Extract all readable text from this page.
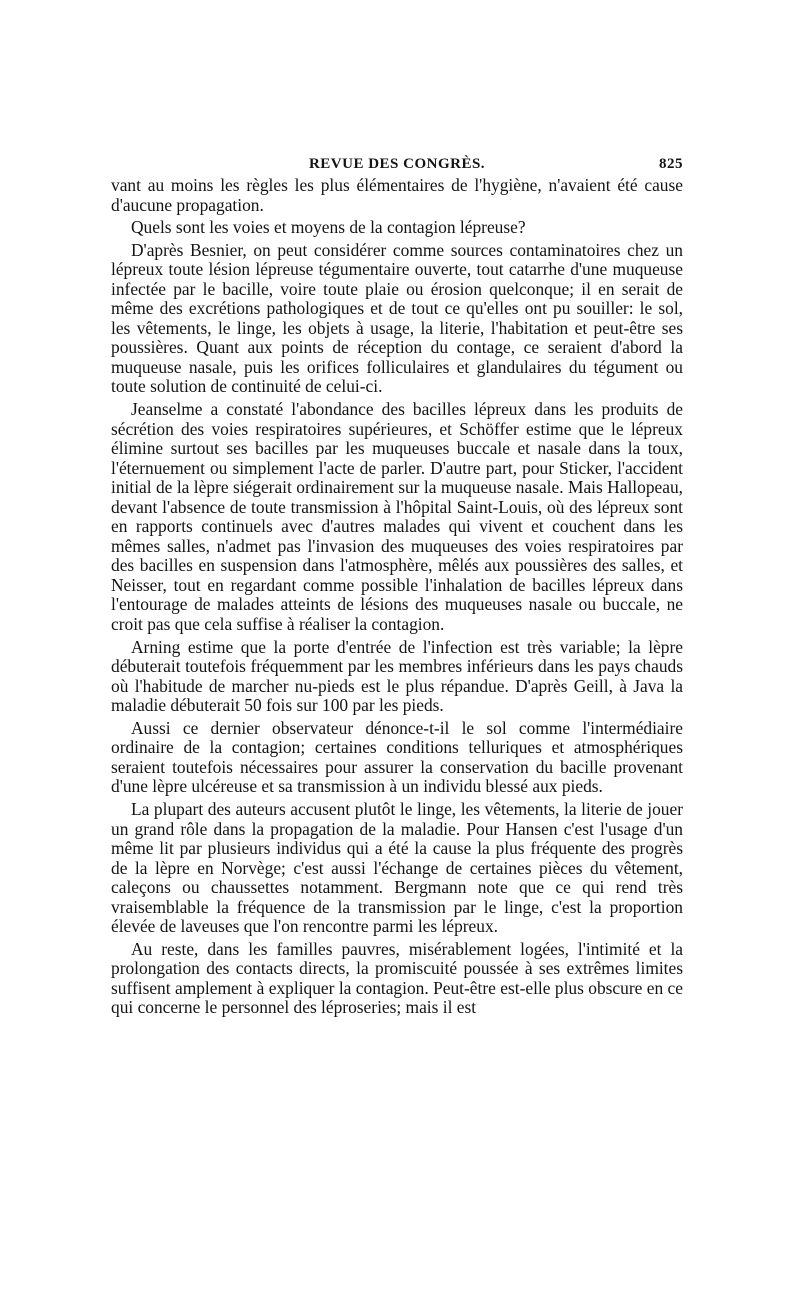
REVUE DES CONGRÈS.	825

vant au moins les règles les plus élémentaires de l'hygiène, n'avaient été cause d'aucune propagation.

Quels sont les voies et moyens de la contagion lépreuse?

D'après Besnier, on peut considérer comme sources contaminatoires chez un lépreux toute lésion lépreuse tégumentaire ouverte, tout catarrhe d'une muqueuse infectée par le bacille, voire toute plaie ou érosion quelconque; il en serait de même des excrétions pathologiques et de tout ce qu'elles ont pu souiller: le sol, les vêtements, le linge, les objets à usage, la literie, l'habitation et peut-être ses poussières. Quant aux points de réception du contage, ce seraient d'abord la muqueuse nasale, puis les orifices folliculaires et glandulaires du tégument ou toute solution de continuité de celui-ci.

Jeanselme a constaté l'abondance des bacilles lépreux dans les produits de sécrétion des voies respiratoires supérieures, et Schöffer estime que le lépreux élimine surtout ses bacilles par les muqueuses buccale et nasale dans la toux, l'éternuement ou simplement l'acte de parler. D'autre part, pour Sticker, l'accident initial de la lèpre siégerait ordinairement sur la muqueuse nasale. Mais Hallopeau, devant l'absence de toute transmission à l'hôpital Saint-Louis, où des lépreux sont en rapports continuels avec d'autres malades qui vivent et couchent dans les mêmes salles, n'admet pas l'invasion des muqueuses des voies respiratoires par des bacilles en suspension dans l'atmosphère, mêlés aux poussières des salles, et Neisser, tout en regardant comme possible l'inhalation de bacilles lépreux dans l'entourage de malades atteints de lésions des muqueuses nasale ou buccale, ne croit pas que cela suffise à réaliser la contagion.

Arning estime que la porte d'entrée de l'infection est très variable; la lèpre débuterait toutefois fréquemment par les membres inférieurs dans les pays chauds où l'habitude de marcher nu-pieds est le plus répandue. D'après Geill, à Java la maladie débuterait 50 fois sur 100 par les pieds.

Aussi ce dernier observateur dénonce-t-il le sol comme l'intermédiaire ordinaire de la contagion; certaines conditions telluriques et atmosphériques seraient toutefois nécessaires pour assurer la conservation du bacille provenant d'une lèpre ulcéreuse et sa transmission à un individu blessé aux pieds.

La plupart des auteurs accusent plutôt le linge, les vêtements, la literie de jouer un grand rôle dans la propagation de la maladie. Pour Hansen c'est l'usage d'un même lit par plusieurs individus qui a été la cause la plus fréquente des progrès de la lèpre en Norvège; c'est aussi l'échange de certaines pièces du vêtement, caleçons ou chaussettes notamment. Bergmann note que ce qui rend très vraisemblable la fréquence de la transmission par le linge, c'est la proportion élevée de laveuses que l'on rencontre parmi les lépreux.

Au reste, dans les familles pauvres, misérablement logées, l'intimité et la prolongation des contacts directs, la promiscuité poussée à ses extrêmes limites suffisent amplement à expliquer la contagion. Peut-être est-elle plus obscure en ce qui concerne le personnel des léproseries; mais il est
